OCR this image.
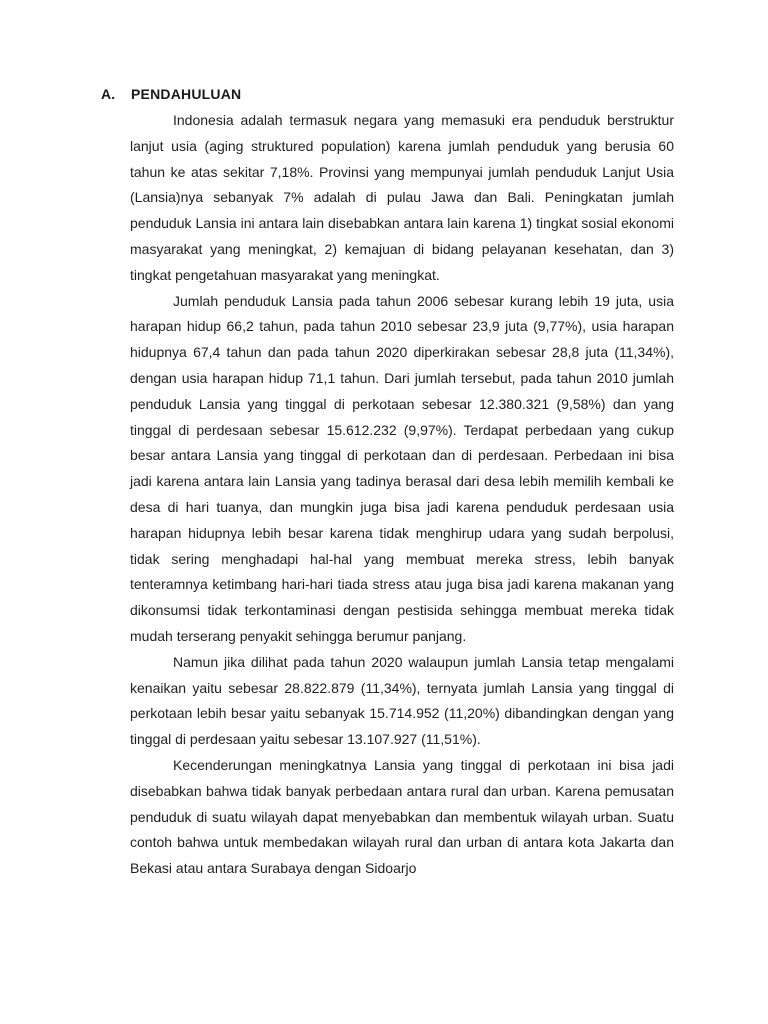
A. PENDAHULUAN

Indonesia adalah termasuk negara yang memasuki era penduduk berstruktur lanjut usia (aging struktured population) karena jumlah penduduk yang berusia 60 tahun ke atas sekitar 7,18%. Provinsi yang mempunyai jumlah penduduk Lanjut Usia (Lansia)nya sebanyak 7% adalah di pulau Jawa dan Bali. Peningkatan jumlah penduduk Lansia ini antara lain disebabkan antara lain karena 1) tingkat sosial ekonomi masyarakat yang meningkat, 2) kemajuan di bidang pelayanan kesehatan, dan 3) tingkat pengetahuan masyarakat yang meningkat.

Jumlah penduduk Lansia pada tahun 2006 sebesar kurang lebih 19 juta, usia harapan hidup 66,2 tahun, pada tahun 2010 sebesar 23,9 juta (9,77%), usia harapan hidupnya 67,4 tahun dan pada tahun 2020 diperkirakan sebesar 28,8 juta (11,34%), dengan usia harapan hidup 71,1 tahun. Dari jumlah tersebut, pada tahun 2010 jumlah penduduk Lansia yang tinggal di perkotaan sebesar 12.380.321 (9,58%) dan yang tinggal di perdesaan sebesar 15.612.232 (9,97%). Terdapat perbedaan yang cukup besar antara Lansia yang tinggal di perkotaan dan di perdesaan. Perbedaan ini bisa jadi karena antara lain Lansia yang tadinya berasal dari desa lebih memilih kembali ke desa di hari tuanya, dan mungkin juga bisa jadi karena penduduk perdesaan usia harapan hidupnya lebih besar karena tidak menghirup udara yang sudah berpolusi, tidak sering menghadapi hal-hal yang membuat mereka stress, lebih banyak tenteramnya ketimbang hari-hari tiada stress atau juga bisa jadi karena makanan yang dikonsumsi tidak terkontaminasi dengan pestisida sehingga membuat mereka tidak mudah terserang penyakit sehingga berumur panjang.

Namun jika dilihat pada tahun 2020 walaupun jumlah Lansia tetap mengalami kenaikan yaitu sebesar 28.822.879 (11,34%), ternyata jumlah Lansia yang tinggal di perkotaan lebih besar yaitu sebanyak 15.714.952 (11,20%) dibandingkan dengan yang tinggal di perdesaan yaitu sebesar 13.107.927 (11,51%).

Kecenderungan meningkatnya Lansia yang tinggal di perkotaan ini bisa jadi disebabkan bahwa tidak banyak perbedaan antara rural dan urban. Karena pemusatan penduduk di suatu wilayah dapat menyebabkan dan membentuk wilayah urban. Suatu contoh bahwa untuk membedakan wilayah rural dan urban di antara kota Jakarta dan Bekasi atau antara Surabaya dengan Sidoarjo
